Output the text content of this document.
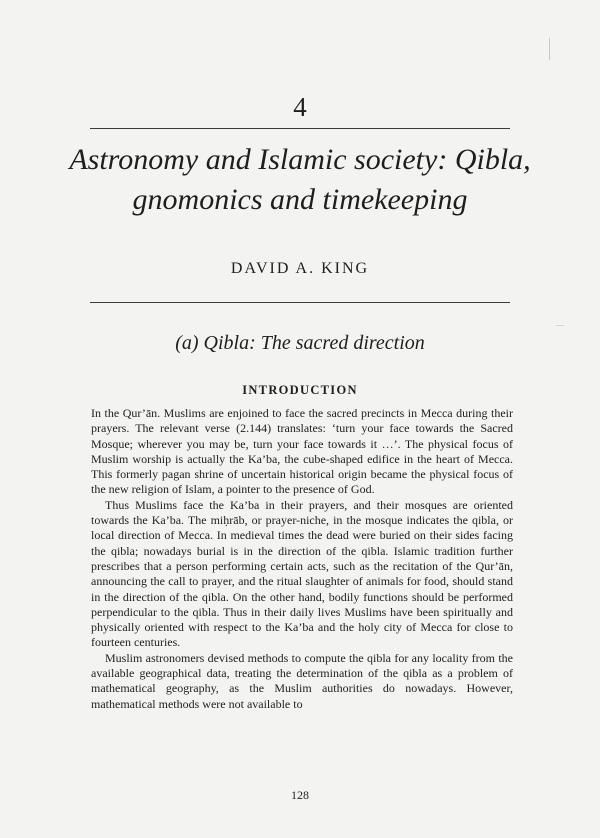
4
Astronomy and Islamic society: Qibla, gnomonics and timekeeping
DAVID A. KING
(a) Qibla: The sacred direction
INTRODUCTION

In the Qur’ān. Muslims are enjoined to face the sacred precincts in Mecca during their prayers. The relevant verse (2.144) translates: ‘turn your face towards the Sacred Mosque; wherever you may be, turn your face towards it …’. The physical focus of Muslim worship is actually the Ka’ba, the cube-shaped edifice in the heart of Mecca. This formerly pagan shrine of uncertain historical origin became the physical focus of the new religion of Islam, a pointer to the presence of God.

Thus Muslims face the Ka’ba in their prayers, and their mosques are oriented towards the Ka’ba. The miḥrāb, or prayer-niche, in the mosque indicates the qibla, or local direction of Mecca. In medieval times the dead were buried on their sides facing the qibla; nowadays burial is in the direction of the qibla. Islamic tradition further prescribes that a person performing certain acts, such as the recitation of the Qur’ān, announcing the call to prayer, and the ritual slaughter of animals for food, should stand in the direction of the qibla. On the other hand, bodily functions should be performed perpendicular to the qibla. Thus in their daily lives Muslims have been spiritually and physically oriented with respect to the Ka’ba and the holy city of Mecca for close to fourteen centuries.

Muslim astronomers devised methods to compute the qibla for any locality from the available geographical data, treating the determination of the qibla as a problem of mathematical geography, as the Muslim authorities do nowadays. However, mathematical methods were not available to

128
